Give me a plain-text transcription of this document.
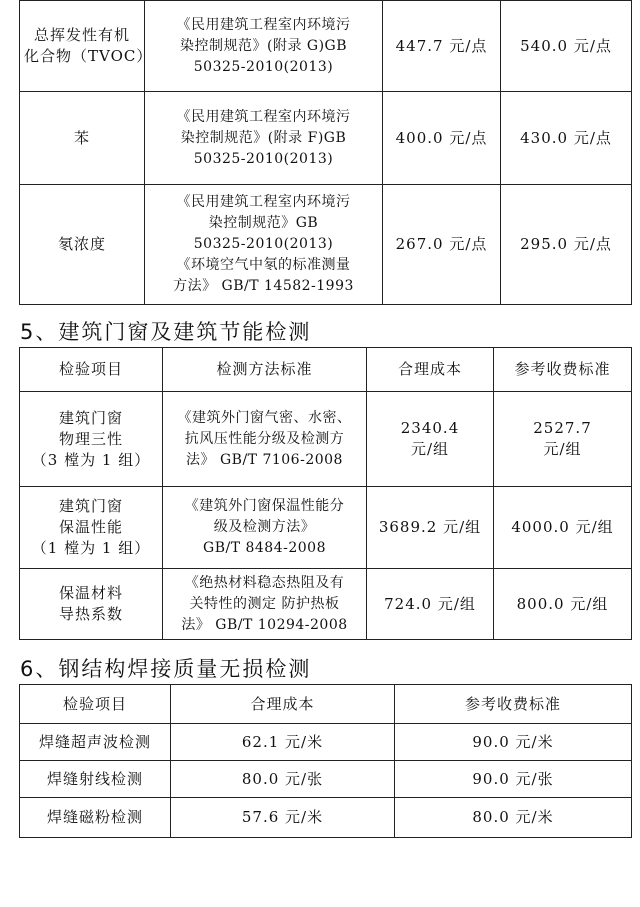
总挥发性有机
化合物（TVOC）	《民用建筑工程室内环境污
染控制规范》(附录 G)GB
50325-2010(2013)	447.7 元/点	540.0 元/点

苯	《民用建筑工程室内环境污
染控制规范》(附录 F)GB
50325-2010(2013)	400.0 元/点	430.0 元/点

氡浓度	《民用建筑工程室内环境污
染控制规范》GB
50325-2010(2013)
《环境空气中氡的标准测量
方法》 GB/T 14582-1993	267.0 元/点	295.0 元/点
5、建筑门窗及建筑节能检测
检验项目	检测方法标准	合理成本	参考收费标准

建筑门窗
物理三性
（3 樘为 1 组）	《建筑外门窗气密、水密、
抗风压性能分级及检测方
法》 GB/T 7106-2008	2340.4
元/组	2527.7
元/组

建筑门窗
保温性能
（1 樘为 1 组）	《建筑外门窗保温性能分
级及检测方法》
GB/T 8484-2008	3689.2 元/组	4000.0 元/组

保温材料
导热系数	《绝热材料稳态热阻及有
关特性的测定 防护热板
法》 GB/T 10294-2008	724.0 元/组	800.0 元/组
6、钢结构焊接质量无损检测
检验项目	合理成本	参考收费标准
焊缝超声波检测	62.1 元/米	90.0 元/米
焊缝射线检测	80.0 元/张	90.0 元/张
焊缝磁粉检测	57.6 元/米	80.0 元/米
